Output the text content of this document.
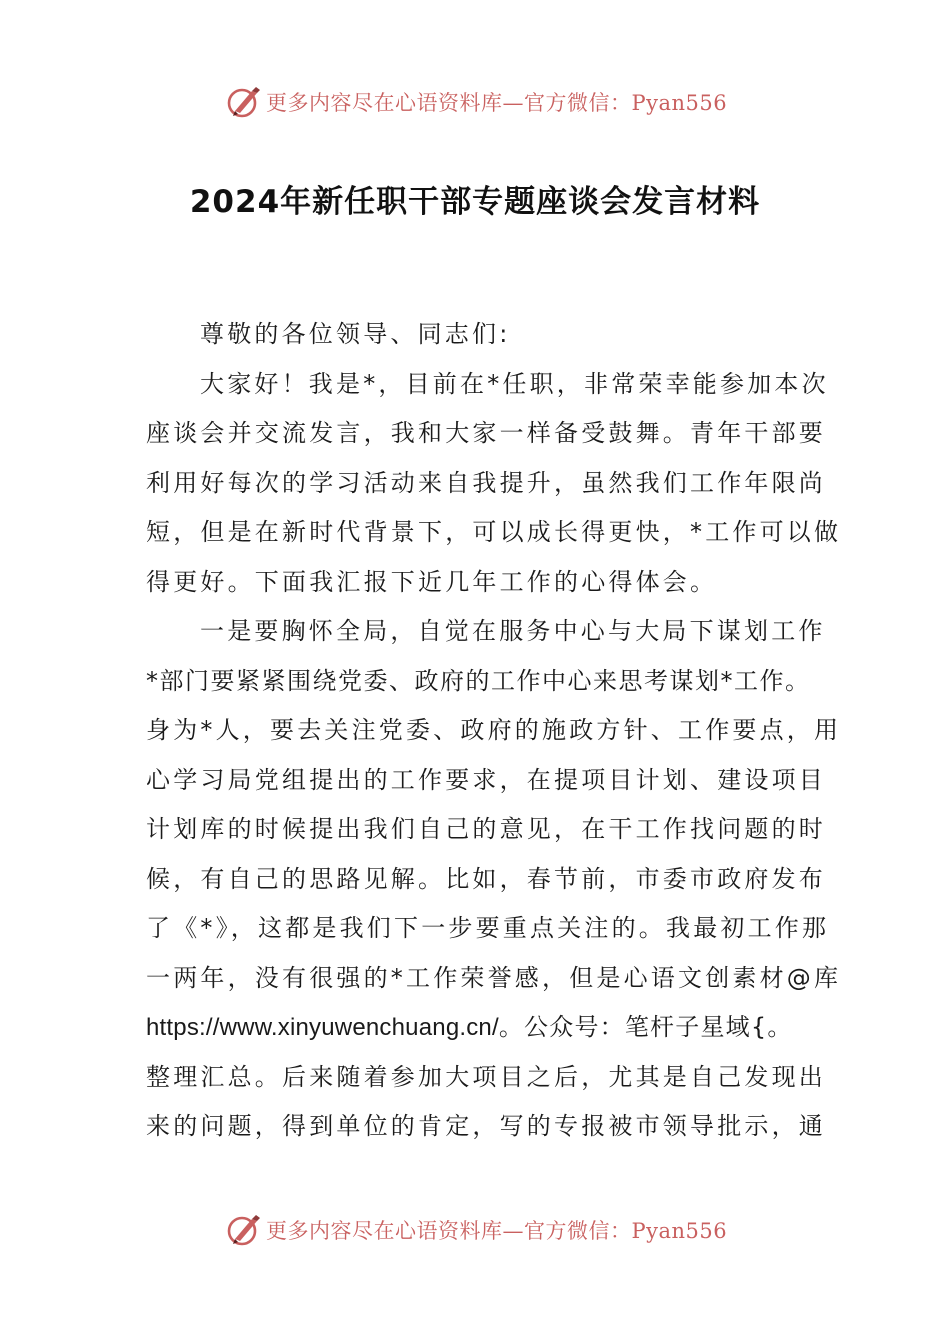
更多内容尽在心语资料库—官方微信：Pyan556
2024年新任职干部专题座谈会发言材料
尊敬的各位领导、同志们:
大家好！我是*，目前在*任职，非常荣幸能参加本次
座谈会并交流发言，我和大家一样备受鼓舞。青年干部要
利用好每次的学习活动来自我提升，虽然我们工作年限尚
短，但是在新时代背景下，可以成长得更快，*工作可以做
得更好。下面我汇报下近几年工作的心得体会。
一是要胸怀全局，自觉在服务中心与大局下谋划工作
*部门要紧紧围绕党委、政府的工作中心来思考谋划*工作。
身为*人，要去关注党委、政府的施政方针、工作要点，用
心学习局党组提出的工作要求，在提项目计划、建设项目
计划库的时候提出我们自己的意见，在干工作找问题的时
候，有自己的思路见解。比如，春节前，市委市政府发布
了《*》，这都是我们下一步要重点关注的。我最初工作那
一两年，没有很强的*工作荣誉感，但是心语文创素材@库
https://www.xinyuwenchuang.cn/。公众号：笔杆子星域{。
整理汇总。后来随着参加大项目之后，尤其是自己发现出
来的问题，得到单位的肯定，写的专报被市领导批示，通
更多内容尽在心语资料库—官方微信：Pyan556
